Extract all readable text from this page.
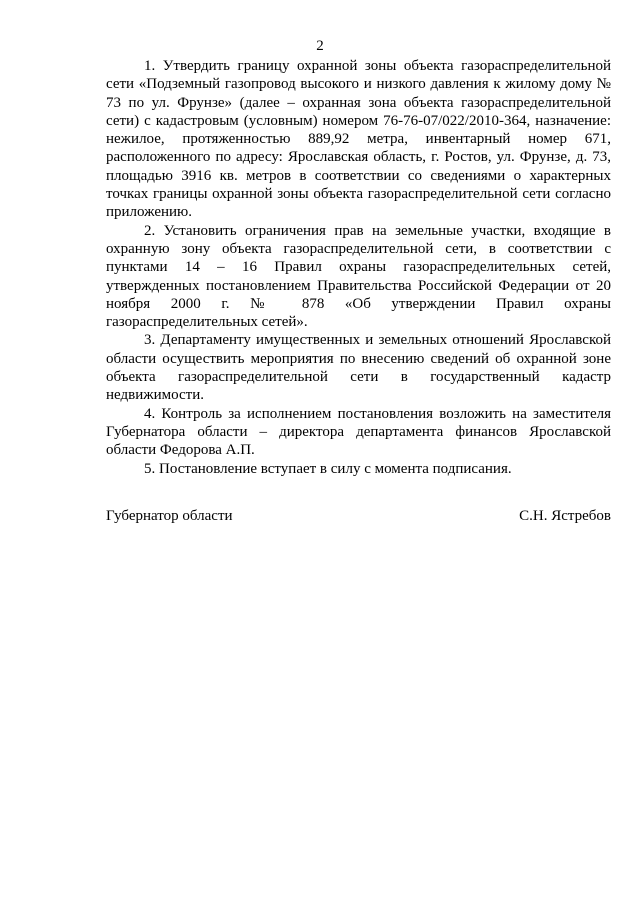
2

1. Утвердить границу охранной зоны объекта газораспределительной сети «Подземный газопровод высокого и низкого давления к жилому дому № 73 по ул. Фрунзе» (далее – охранная зона объекта газораспределительной сети) с кадастровым (условным) номером 76-76-07/022/2010-364, назначение: нежилое, протяженностью 889,92 метра, инвентарный номер 671, расположенного по адресу: Ярославская область, г. Ростов, ул. Фрунзе, д. 73, площадью 3916 кв. метров в соответствии со сведениями о характерных точках границы охранной зоны объекта газораспределительной сети согласно приложению.

2. Установить ограничения прав на земельные участки, входящие в охранную зону объекта газораспределительной сети, в соответствии с пунктами 14 – 16 Правил охраны газораспределительных сетей, утвержденных постановлением Правительства Российской Федерации от 20 ноября 2000 г. № 878 «Об утверждении Правил охраны газораспределительных сетей».

3. Департаменту имущественных и земельных отношений Ярославской области осуществить мероприятия по внесению сведений об охранной зоне объекта газораспределительной сети в государственный кадастр недвижимости.

4. Контроль за исполнением постановления возложить на заместителя Губернатора области – директора департамента финансов Ярославской области Федорова А.П.

5. Постановление вступает в силу с момента подписания.

Губернатор области	С.Н. Ястребов
